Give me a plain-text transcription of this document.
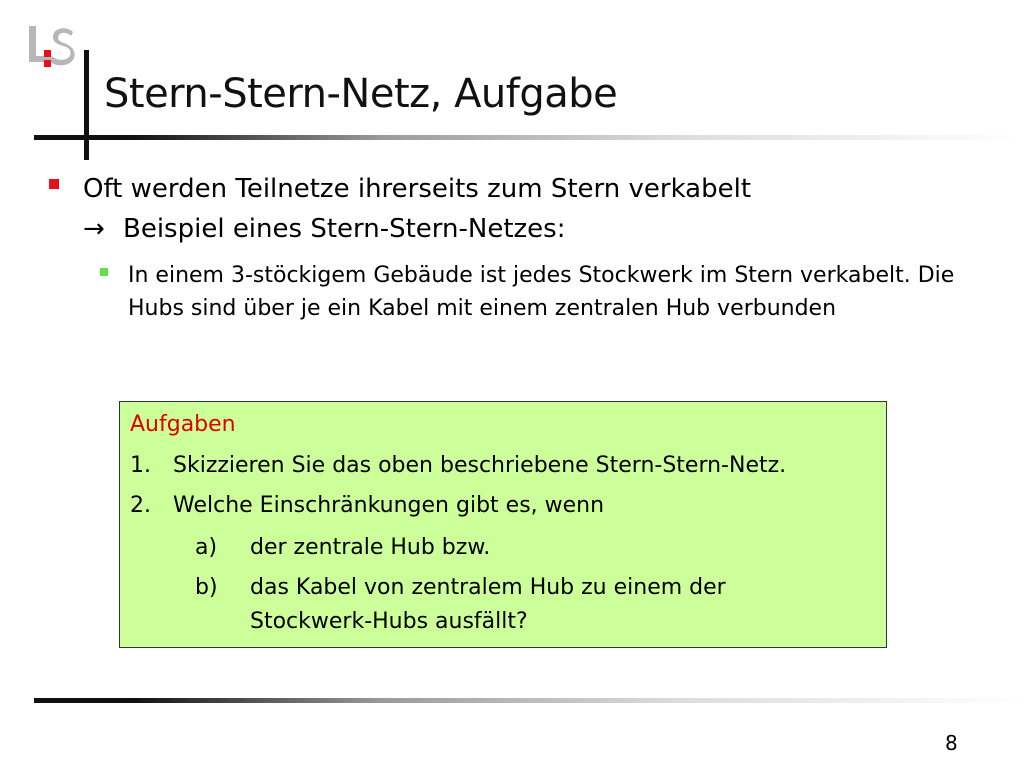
Stern-Stern-Netz, Aufgabe
Oft werden Teilnetze ihrerseits zum Stern verkabelt
→ Beispiel eines Stern-Stern-Netzes:
In einem 3-stöckigem Gebäude ist jedes Stockwerk im Stern verkabelt. Die Hubs sind über je ein Kabel mit einem zentralen Hub verbunden
Aufgaben
1. Skizzieren Sie das oben beschriebene Stern-Stern-Netz.
2. Welche Einschränkungen gibt es, wenn
a) der zentrale Hub bzw.
b) das Kabel von zentralem Hub zu einem der
Stockwerk-Hubs ausfällt?
8
